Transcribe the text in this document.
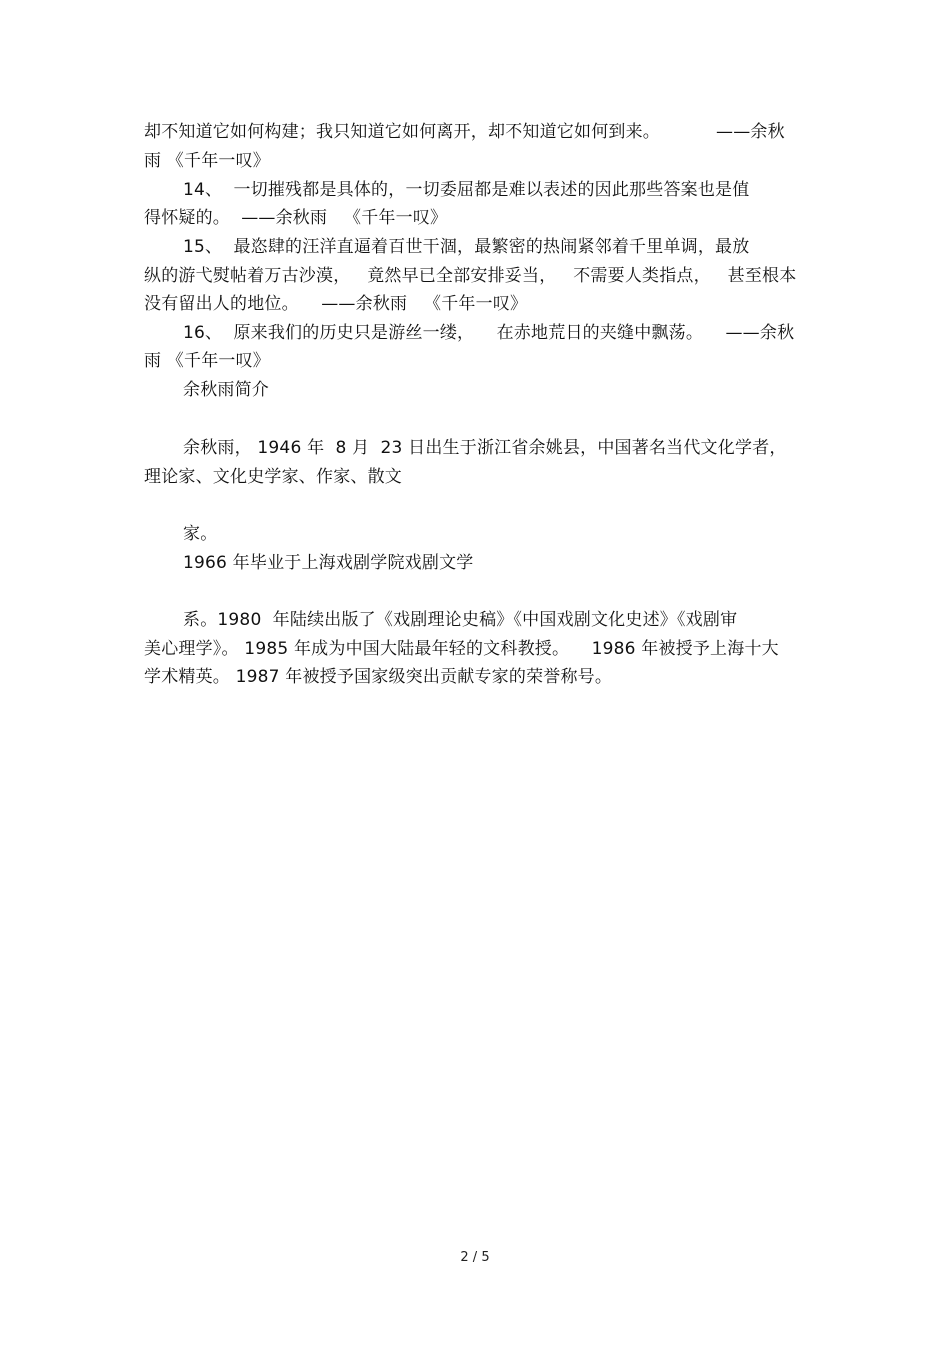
却不知道它如何构建；我只知道它如何离开，却不知道它如何到来。          ——余秋
雨 《千年一叹》
14、  一切摧残都是具体的，一切委屈都是难以表述的因此那些答案也是值
得怀疑的。  ——余秋雨   《千年一叹》
15、  最恣肆的汪洋直逼着百世干涸，最繁密的热闹紧邻着千里单调，最放
纵的游弋熨帖着万古沙漠，   竟然早已全部安排妥当，   不需要人类指点，   甚至根本
没有留出人的地位。    ——余秋雨   《千年一叹》
16、  原来我们的历史只是游丝一缕，    在赤地荒日的夹缝中飘荡。    ——余秋
雨 《千年一叹》
余秋雨简介
余秋雨， 1946 年  8 月  23 日出生于浙江省余姚县，中国著名当代文化学者，
理论家、文化史学家、作家、散文
家。
1966 年毕业于上海戏剧学院戏剧文学
系。1980  年陆续出版了《戏剧理论史稿》《中国戏剧文化史述》《戏剧审
美心理学》。 1985 年成为中国大陆最年轻的文科教授。    1986 年被授予上海十大
学术精英。 1987 年被授予国家级突出贡献专家的荣誉称号。
2 / 5
